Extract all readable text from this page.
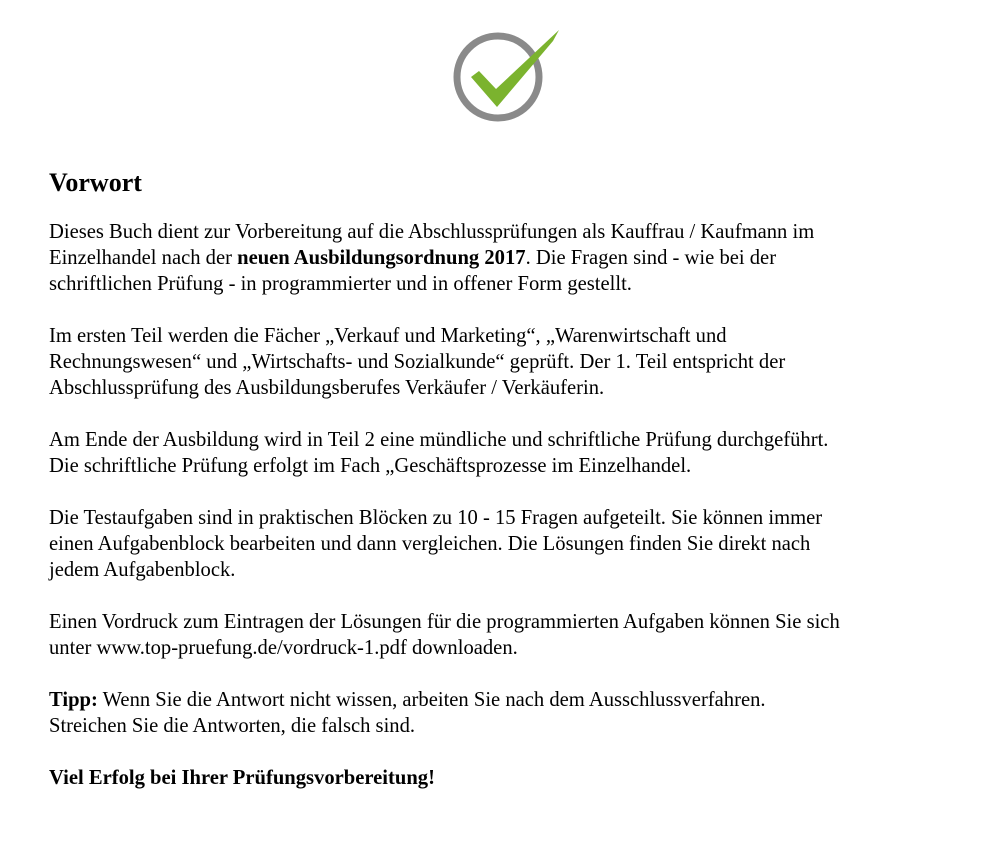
Vorwort

Dieses Buch dient zur Vorbereitung auf die Abschlussprüfungen als Kauffrau / Kaufmann im
Einzelhandel nach der neuen Ausbildungsordnung 2017. Die Fragen sind - wie bei der
schriftlichen Prüfung - in programmierter und in offener Form gestellt.

Im ersten Teil werden die Fächer „Verkauf und Marketing“, „Warenwirtschaft und
Rechnungswesen“ und „Wirtschafts- und Sozialkunde“ geprüft. Der 1. Teil entspricht der
Abschlussprüfung des Ausbildungsberufes Verkäufer / Verkäuferin.

Am Ende der Ausbildung wird in Teil 2 eine mündliche und schriftliche Prüfung durchgeführt.
Die schriftliche Prüfung erfolgt im Fach „Geschäftsprozesse im Einzelhandel.

Die Testaufgaben sind in praktischen Blöcken zu 10 - 15 Fragen aufgeteilt. Sie können immer
einen Aufgabenblock bearbeiten und dann vergleichen. Die Lösungen finden Sie direkt nach
jedem Aufgabenblock.

Einen Vordruck zum Eintragen der Lösungen für die programmierten Aufgaben können Sie sich
unter www.top-pruefung.de/vordruck-1.pdf downloaden.

Tipp: Wenn Sie die Antwort nicht wissen, arbeiten Sie nach dem Ausschlussverfahren.
Streichen Sie die Antworten, die falsch sind.

Viel Erfolg bei Ihrer Prüfungsvorbereitung!
